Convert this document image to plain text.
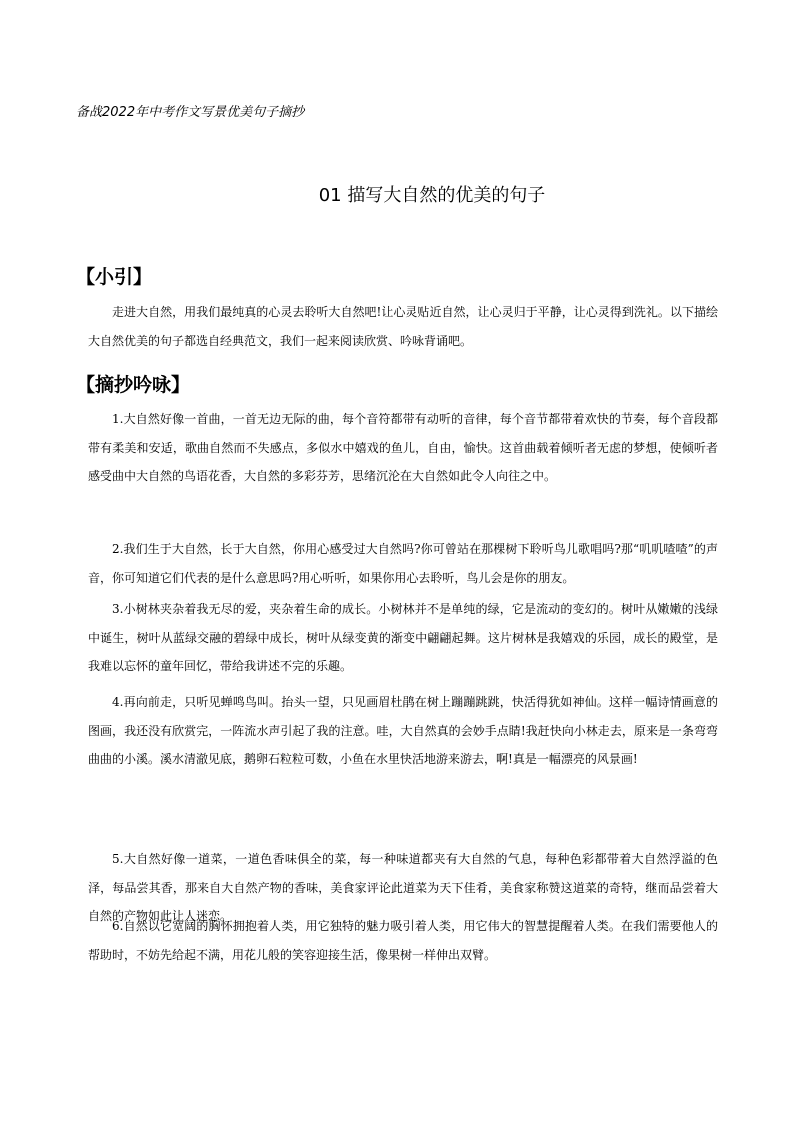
备战2022年中考作文写景优美句子摘抄
01 描写大自然的优美的句子
【小引】

走进大自然，用我们最纯真的心灵去聆听大自然吧!让心灵贴近自然，让心灵归于平静，让心灵得到洗礼。以下描绘大自然优美的句子都选自经典范文，我们一起来阅读欣赏、吟咏背诵吧。

【摘抄吟咏】

1.大自然好像一首曲，一首无边无际的曲，每个音符都带有动听的音律，每个音节都带着欢快的节奏，每个音段都带有柔美和安适，歌曲自然而不失感点，多似水中嬉戏的鱼儿，自由，愉快。这首曲载着倾听者无虑的梦想，使倾听者感受曲中大自然的鸟语花香，大自然的多彩芬芳，思绪沉沦在大自然如此令人向往之中。

2.我们生于大自然，长于大自然，你用心感受过大自然吗?你可曾站在那棵树下聆听鸟儿歌唱吗?那“叽叽喳喳”的声音，你可知道它们代表的是什么意思吗?用心听听，如果你用心去聆听，鸟儿会是你的朋友。

3.小树林夹杂着我无尽的爱，夹杂着生命的成长。小树林并不是单纯的绿，它是流动的变幻的。树叶从嫩嫩的浅绿中诞生，树叶从蓝绿交融的碧绿中成长，树叶从绿变黄的渐变中翩翩起舞。这片树林是我嬉戏的乐园，成长的殿堂，是我难以忘怀的童年回忆，带给我讲述不完的乐趣。

4.再向前走，只听见蝉鸣鸟叫。抬头一望，只见画眉杜鹃在树上蹦蹦跳跳，快活得犹如神仙。这样一幅诗情画意的图画，我还没有欣赏完，一阵流水声引起了我的注意。哇，大自然真的会妙手点睛!我赶快向小林走去，原来是一条弯弯曲曲的小溪。溪水清澈见底，鹅卵石粒粒可数，小鱼在水里快活地游来游去，啊!真是一幅漂亮的风景画!

5.大自然好像一道菜，一道色香味俱全的菜，每一种味道都夹有大自然的气息，每种色彩都带着大自然浮溢的色泽，每品尝其香，那来自大自然产物的香味，美食家评论此道菜为天下佳肴，美食家称赞这道菜的奇特，继而品尝着大自然的产物如此让人迷恋。

6.自然以它宽阔的胸怀拥抱着人类，用它独特的魅力吸引着人类，用它伟大的智慧提醒着人类。在我们需要他人的帮助时，不妨先给起不满，用花儿般的笑容迎接生活，像果树一样伸出双臂。
